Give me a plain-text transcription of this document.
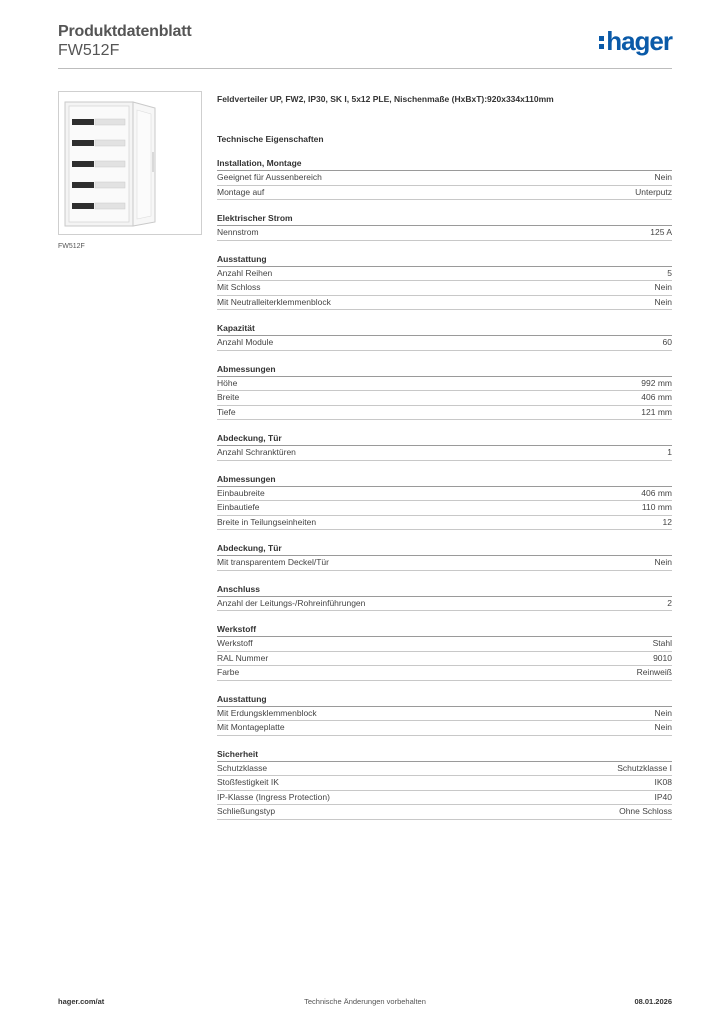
Produktdatenblatt
FW512F	hager
FW512F
Feldverteiler UP, FW2, IP30, SK I, 5x12 PLE, Nischenmaße (HxBxT):920x334x110mm
Technische Eigenschaften
Installation, Montage
Geeignet für Aussenbereich	Nein
Montage auf	Unterputz
Elektrischer Strom
Nennstrom	125 A
Ausstattung
Anzahl Reihen	5
Mit Schloss	Nein
Mit Neutralleiterklemmenblock	Nein
Kapazität
Anzahl Module	60
Abmessungen
Höhe	992 mm
Breite	406 mm
Tiefe	121 mm
Abdeckung, Tür
Anzahl Schranktüren	1
Abmessungen
Einbaubreite	406 mm
Einbautiefe	110 mm
Breite in Teilungseinheiten	12
Abdeckung, Tür
Mit transparentem Deckel/Tür	Nein
Anschluss
Anzahl der Leitungs-/Rohreinführungen	2
Werkstoff
Werkstoff	Stahl
RAL Nummer	9010
Farbe	Reinweiß
Ausstattung
Mit Erdungsklemmenblock	Nein
Mit Montageplatte	Nein
Sicherheit
Schutzklasse	Schutzklasse I
Stoßfestigkeit IK	IK08
IP-Klasse (Ingress Protection)	IP40
Schließungstyp	Ohne Schloss
hager.com/at	Technische Änderungen vorbehalten	08.01.2026
